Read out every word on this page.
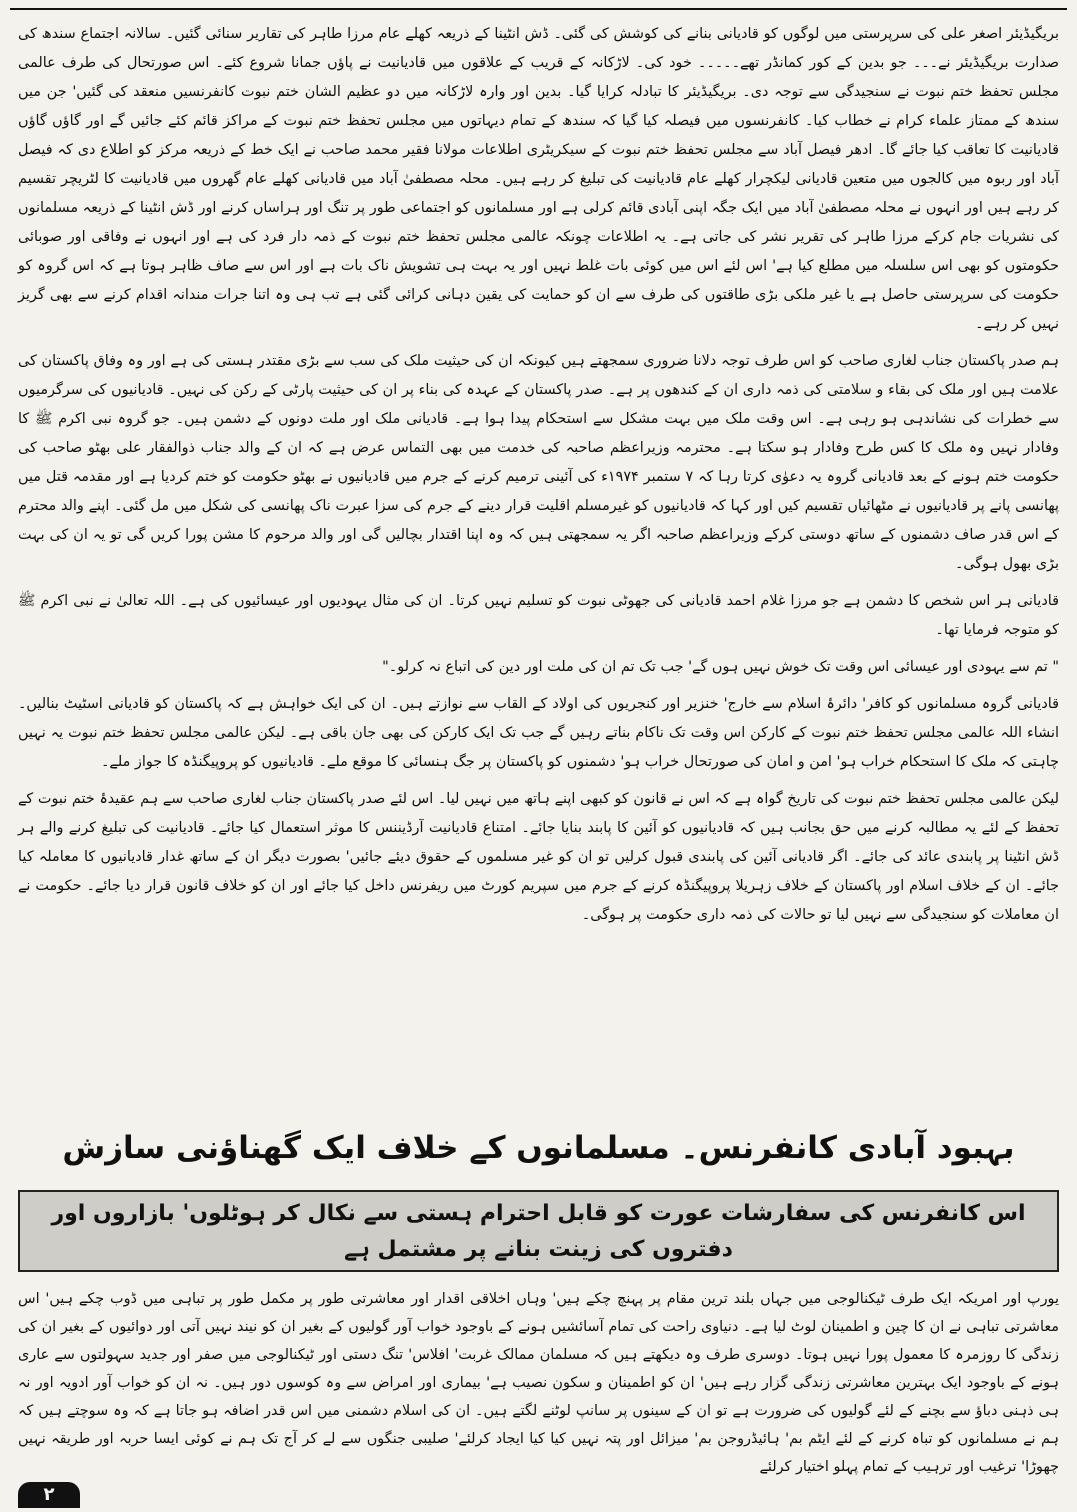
بریگیڈیئر اصغر علی کی سرپرستی میں لوگوں کو قادیانی بنانے کی کوشش کی گئی۔ ڈش انٹینا کے ذریعہ کھلے عام مرزا طاہر کی تقاریر سنائی گئیں۔ سالانہ اجتماع سندھ کی صدارت بریگیڈیئر نے۔۔۔ جو بدین کے کور کمانڈر تھے۔۔۔۔۔ خود کی۔ لاڑکانہ کے قریب کے علاقوں میں قادیانیت نے پاؤں جمانا شروع کئے۔ اس صورتحال کی طرف عالمی مجلس تحفظ ختم نبوت نے سنجیدگی سے توجہ دی۔ بریگیڈیئر کا تبادلہ کرایا گیا۔ بدین اور وارہ لاڑکانہ میں دو عظیم الشان ختم نبوت کانفرنسیں منعقد کی گئیں' جن میں سندھ کے ممتاز علماء کرام نے خطاب کیا۔ کانفرنسوں میں فیصلہ کیا گیا کہ سندھ کے تمام دیہاتوں میں مجلس تحفظ ختم نبوت کے مراکز قائم کئے جائیں گے اور گاؤں گاؤں قادیانیت کا تعاقب کیا جائے گا۔ ادھر فیصل آباد سے مجلس تحفظ ختم نبوت کے سیکریٹری اطلاعات مولانا فقیر محمد صاحب نے ایک خط کے ذریعہ مرکز کو اطلاع دی کہ فیصل آباد اور ربوہ میں کالجوں میں متعین قادیانی لیکچرار کھلے عام قادیانیت کی تبلیغ کر رہے ہیں۔ محلہ مصطفیٰ آباد میں قادیانی کھلے عام گھروں میں قادیانیت کا لٹریچر تقسیم کر رہے ہیں اور انہوں نے محلہ مصطفیٰ آباد میں ایک جگہ اپنی آبادی قائم کرلی ہے اور مسلمانوں کو اجتماعی طور پر تنگ اور ہراساں کرنے اور ڈش انٹینا کے ذریعہ مسلمانوں کی نشریات جام کرکے مرزا طاہر کی تقریر نشر کی جاتی ہے۔ یہ اطلاعات چونکہ عالمی مجلس تحفظ ختم نبوت کے ذمہ دار فرد کی ہے اور انہوں نے وفاقی اور صوبائی حکومتوں کو بھی اس سلسلہ میں مطلع کیا ہے' اس لئے اس میں کوئی بات غلط نہیں اور یہ بہت ہی تشویش ناک بات ہے اور اس سے صاف ظاہر ہوتا ہے کہ اس گروہ کو حکومت کی سرپرستی حاصل ہے یا غیر ملکی بڑی طاقتوں کی طرف سے ان کو حمایت کی یقین دہانی کرائی گئی ہے تب ہی وہ اتنا جرات مندانہ اقدام کرنے سے بھی گریز نہیں کر رہے۔

ہم صدر پاکستان جناب لغاری صاحب کو اس طرف توجہ دلانا ضروری سمجھتے ہیں کیونکہ ان کی حیثیت ملک کی سب سے بڑی مقتدر ہستی کی ہے اور وہ وفاق پاکستان کی علامت ہیں اور ملک کی بقاء و سلامتی کی ذمہ داری ان کے کندھوں پر ہے۔ صدر پاکستان کے عہدہ کی بناء پر ان کی حیثیت پارٹی کے رکن کی نہیں۔ قادیانیوں کی سرگرمیوں سے خطرات کی نشاندہی ہو رہی ہے۔ اس وقت ملک میں بہت مشکل سے استحکام پیدا ہوا ہے۔ قادیانی ملک اور ملت دونوں کے دشمن ہیں۔ جو گروہ نبی اکرم ﷺ کا وفادار نہیں وہ ملک کا کس طرح وفادار ہو سکتا ہے۔ محترمہ وزیراعظم صاحبہ کی خدمت میں بھی التماس عرض ہے کہ ان کے والد جناب ذوالفقار علی بھٹو صاحب کی حکومت ختم ہونے کے بعد قادیانی گروہ یہ دعوٰی کرتا رہا کہ ۷ ستمبر ۱۹۷۴ء کی آئینی ترمیم کرنے کے جرم میں قادیانیوں نے بھٹو حکومت کو ختم کردیا ہے اور مقدمہ قتل میں پھانسی پانے پر قادیانیوں نے مٹھائیاں تقسیم کیں اور کہا کہ قادیانیوں کو غیرمسلم اقلیت قرار دینے کے جرم کی سزا عبرت ناک پھانسی کی شکل میں مل گئی۔ اپنے والد محترم کے اس قدر صاف دشمنوں کے ساتھ دوستی کرکے وزیراعظم صاحبہ اگر یہ سمجھتی ہیں کہ وہ اپنا اقتدار بچالیں گی اور والد مرحوم کا مشن پورا کریں گی تو یہ ان کی بہت بڑی بھول ہوگی۔

قادیانی ہر اس شخص کا دشمن ہے جو مرزا غلام احمد قادیانی کی جھوٹی نبوت کو تسلیم نہیں کرتا۔ ان کی مثال یہودیوں اور عیسائیوں کی ہے۔ اللہ تعالیٰ نے نبی اکرم ﷺ کو متوجہ فرمایا تھا۔

" تم سے یہودی اور عیسائی اس وقت تک خوش نہیں ہوں گے' جب تک تم ان کی ملت اور دین کی اتباع نہ کرلو۔"

قادیانی گروہ مسلمانوں کو کافر' دائرۂ اسلام سے خارج' خنزیر اور کنجریوں کی اولاد کے القاب سے نوازتے ہیں۔ ان کی ایک خواہش ہے کہ پاکستان کو قادیانی اسٹیٹ بنالیں۔ انشاء اللہ عالمی مجلس تحفظ ختم نبوت کے کارکن اس وقت تک ناکام بناتے رہیں گے جب تک ایک کارکن کی بھی جان باقی ہے۔ لیکن عالمی مجلس تحفظ ختم نبوت یہ نہیں چاہتی کہ ملک کا استحکام خراب ہو' امن و امان کی صورتحال خراب ہو' دشمنوں کو پاکستان پر جگ ہنسائی کا موقع ملے۔ قادیانیوں کو پروپیگنڈہ کا جواز ملے۔

لیکن عالمی مجلس تحفظ ختم نبوت کی تاریخ گواہ ہے کہ اس نے قانون کو کبھی اپنے ہاتھ میں نہیں لیا۔ اس لئے صدر پاکستان جناب لغاری صاحب سے ہم عقیدۂ ختم نبوت کے تحفظ کے لئے یہ مطالبہ کرنے میں حق بجانب ہیں کہ قادیانیوں کو آئین کا پابند بنایا جائے۔ امتناع قادیانیت آرڈیننس کا موثر استعمال کیا جائے۔ قادیانیت کی تبلیغ کرنے والے ہر ڈش انٹینا پر پابندی عائد کی جائے۔ اگر قادیانی آئین کی پابندی قبول کرلیں تو ان کو غیر مسلموں کے حقوق دیئے جائیں' بصورت دیگر ان کے ساتھ غدار قادیانیوں کا معاملہ کیا جائے۔ ان کے خلاف اسلام اور پاکستان کے خلاف زہریلا پروپیگنڈہ کرنے کے جرم میں سپریم کورٹ میں ریفرنس داخل کیا جائے اور ان کو خلاف قانون قرار دیا جائے۔ حکومت نے ان معاملات کو سنجیدگی سے نہیں لیا تو حالات کی ذمہ داری حکومت پر ہوگی۔

بہبود آبادی کانفرنس۔ مسلمانوں کے خلاف ایک گھناؤنی سازش
اس کانفرنس کی سفارشات عورت کو قابل احترام ہستی سے نکال کر ہوٹلوں' بازاروں اور دفتروں کی زینت بنانے پر مشتمل ہے

یورپ اور امریکہ ایک طرف ٹیکنالوجی میں جہاں بلند ترین مقام پر پہنچ چکے ہیں' وہاں اخلاقی اقدار اور معاشرتی طور پر مکمل طور پر تباہی میں ڈوب چکے ہیں' اس معاشرتی تباہی نے ان کا چین و اطمینان لوٹ لیا ہے۔ دنیاوی راحت کی تمام آسائشیں ہونے کے باوجود خواب آور گولیوں کے بغیر ان کو نیند نہیں آتی اور دوائیوں کے بغیر ان کی زندگی کا روزمرہ کا معمول پورا نہیں ہوتا۔ دوسری طرف وہ دیکھتے ہیں کہ مسلمان ممالک غربت' افلاس' تنگ دستی اور ٹیکنالوجی میں صفر اور جدید سہولتوں سے عاری ہونے کے باوجود ایک بہترین معاشرتی زندگی گزار رہے ہیں' ان کو اطمینان و سکون نصیب ہے' بیماری اور امراض سے وہ کوسوں دور ہیں۔ نہ ان کو خواب آور ادویہ اور نہ ہی ذہنی دباؤ سے بچنے کے لئے گولیوں کی ضرورت ہے تو ان کے سینوں پر سانپ لوٹنے لگتے ہیں۔ ان کی اسلام دشمنی میں اس قدر اضافہ ہو جاتا ہے کہ وہ سوچتے ہیں کہ ہم نے مسلمانوں کو تباہ کرنے کے لئے ایٹم بم' ہائیڈروجن بم' میزائل اور پتہ نہیں کیا کیا ایجاد کرلئے' صلیبی جنگوں سے لے کر آج تک ہم نے کوئی ایسا حربہ اور طریقہ نہیں چھوڑا' ترغیب اور ترہیب کے تمام پہلو اختیار کرلئے

۲
